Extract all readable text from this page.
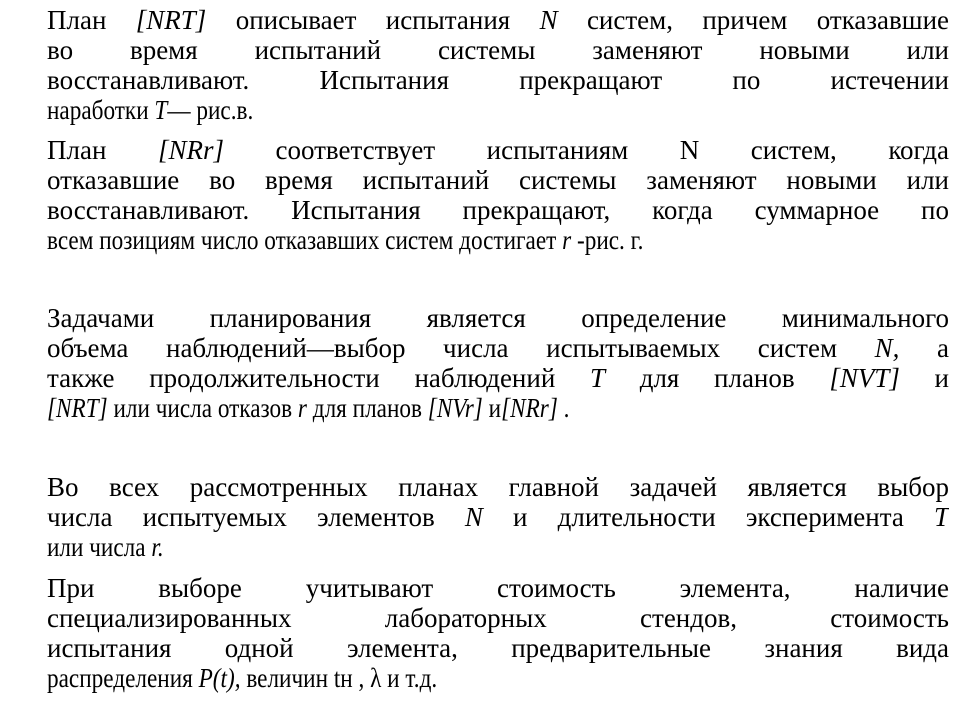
План [NRT] описывает испытания N систем, причем отказавшие
во время испытаний системы заменяют новыми или
восстанавливают. Испытания прекращают по истечении
наработки T— рис.в.
План [NRr] соответствует испытаниям N систем, когда
отказавшие во время испытаний системы заменяют новыми или
восстанавливают. Испытания прекращают, когда суммарное по
всем позициям число отказавших систем достигает r -рис. г.
Задачами планирования является определение минимального
объема наблюдений—выбор числа испытываемых систем N, а
также продолжительности наблюдений T для планов [NVT] и
[NRT] или числа отказов r для планов [NVr] и[NRr] .
Во всех рассмотренных планах главной задачей является выбор
числа испытуемых элементов N и длительности эксперимента T
или числа r.
При выборе учитывают стоимость элемента, наличие
специализированных лабораторных стендов, стоимость
испытания одной элемента, предварительные знания вида
распределения P(t), величин tн , λ и т.д.
